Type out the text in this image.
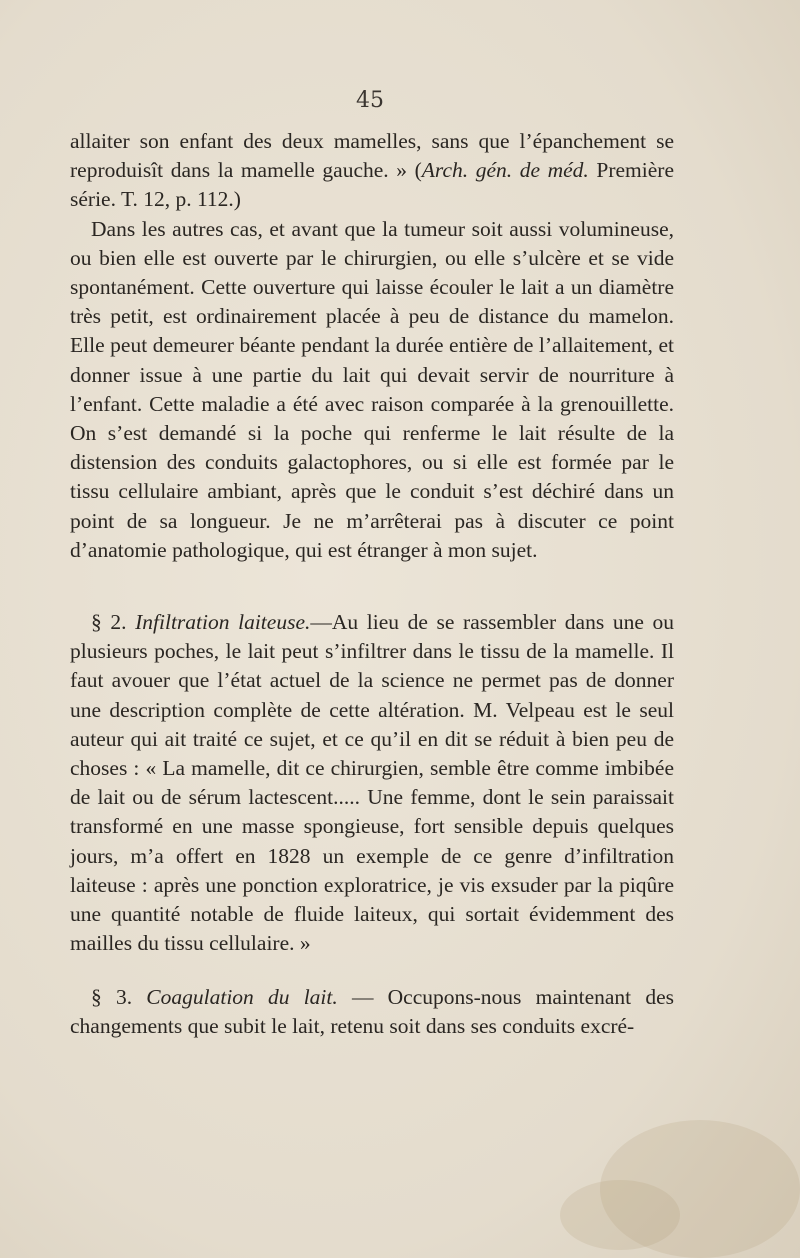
45

allaiter son enfant des deux mamelles, sans que l’épanchement se reproduisît dans la mamelle gauche. » (Arch. gén. de méd. Première série. T. 12, p. 112.)

Dans les autres cas, et avant que la tumeur soit aussi volumineuse, ou bien elle est ouverte par le chirurgien, ou elle s’ulcère et se vide spontanément. Cette ouverture qui laisse écouler le lait a un diamètre très petit, est ordinairement placée à peu de distance du mamelon. Elle peut demeurer béante pendant la durée entière de l’allaitement, et donner issue à une partie du lait qui devait servir de nourriture à l’enfant. Cette maladie a été avec raison comparée à la grenouillette. On s’est demandé si la poche qui renferme le lait résulte de la distension des conduits galactophores, ou si elle est formée par le tissu cellulaire ambiant, après que le conduit s’est déchiré dans un point de sa longueur. Je ne m’arrêterai pas à discuter ce point d’anatomie pathologique, qui est étranger à mon sujet.

§ 2. Infiltration laiteuse.—Au lieu de se rassembler dans une ou plusieurs poches, le lait peut s’infiltrer dans le tissu de la mamelle. Il faut avouer que l’état actuel de la science ne permet pas de donner une description complète de cette altération. M. Velpeau est le seul auteur qui ait traité ce sujet, et ce qu’il en dit se réduit à bien peu de choses : « La mamelle, dit ce chirurgien, semble être comme imbibée de lait ou de sérum lactescent..... Une femme, dont le sein paraissait transformé en une masse spongieuse, fort sensible depuis quelques jours, m’a offert en 1828 un exemple de ce genre d’infiltration laiteuse : après une ponction exploratrice, je vis exsuder par la piqûre une quantité notable de fluide laiteux, qui sortait évidemment des mailles du tissu cellulaire. »

§ 3. Coagulation du lait. — Occupons-nous maintenant des changements que subit le lait, retenu soit dans ses conduits excré-
